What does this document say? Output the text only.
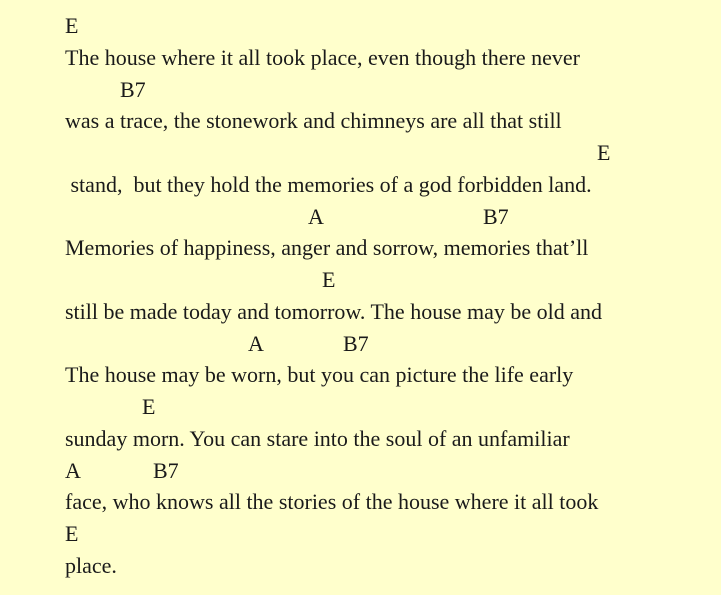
E
The house where it all took place, even though there never
B7
was a trace, the stonework and chimneys are all that still
E
stand,  but they hold the memories of a god forbidden land.
A	B7
Memories of happiness, anger and sorrow, memories that’ll
E
still be made today and tomorrow. The house may be old and
A	B7
The house may be worn, but you can picture the life early
E
sunday morn. You can stare into the soul of an unfamiliar
A	B7
face, who knows all the stories of the house where it all took
E
place.
